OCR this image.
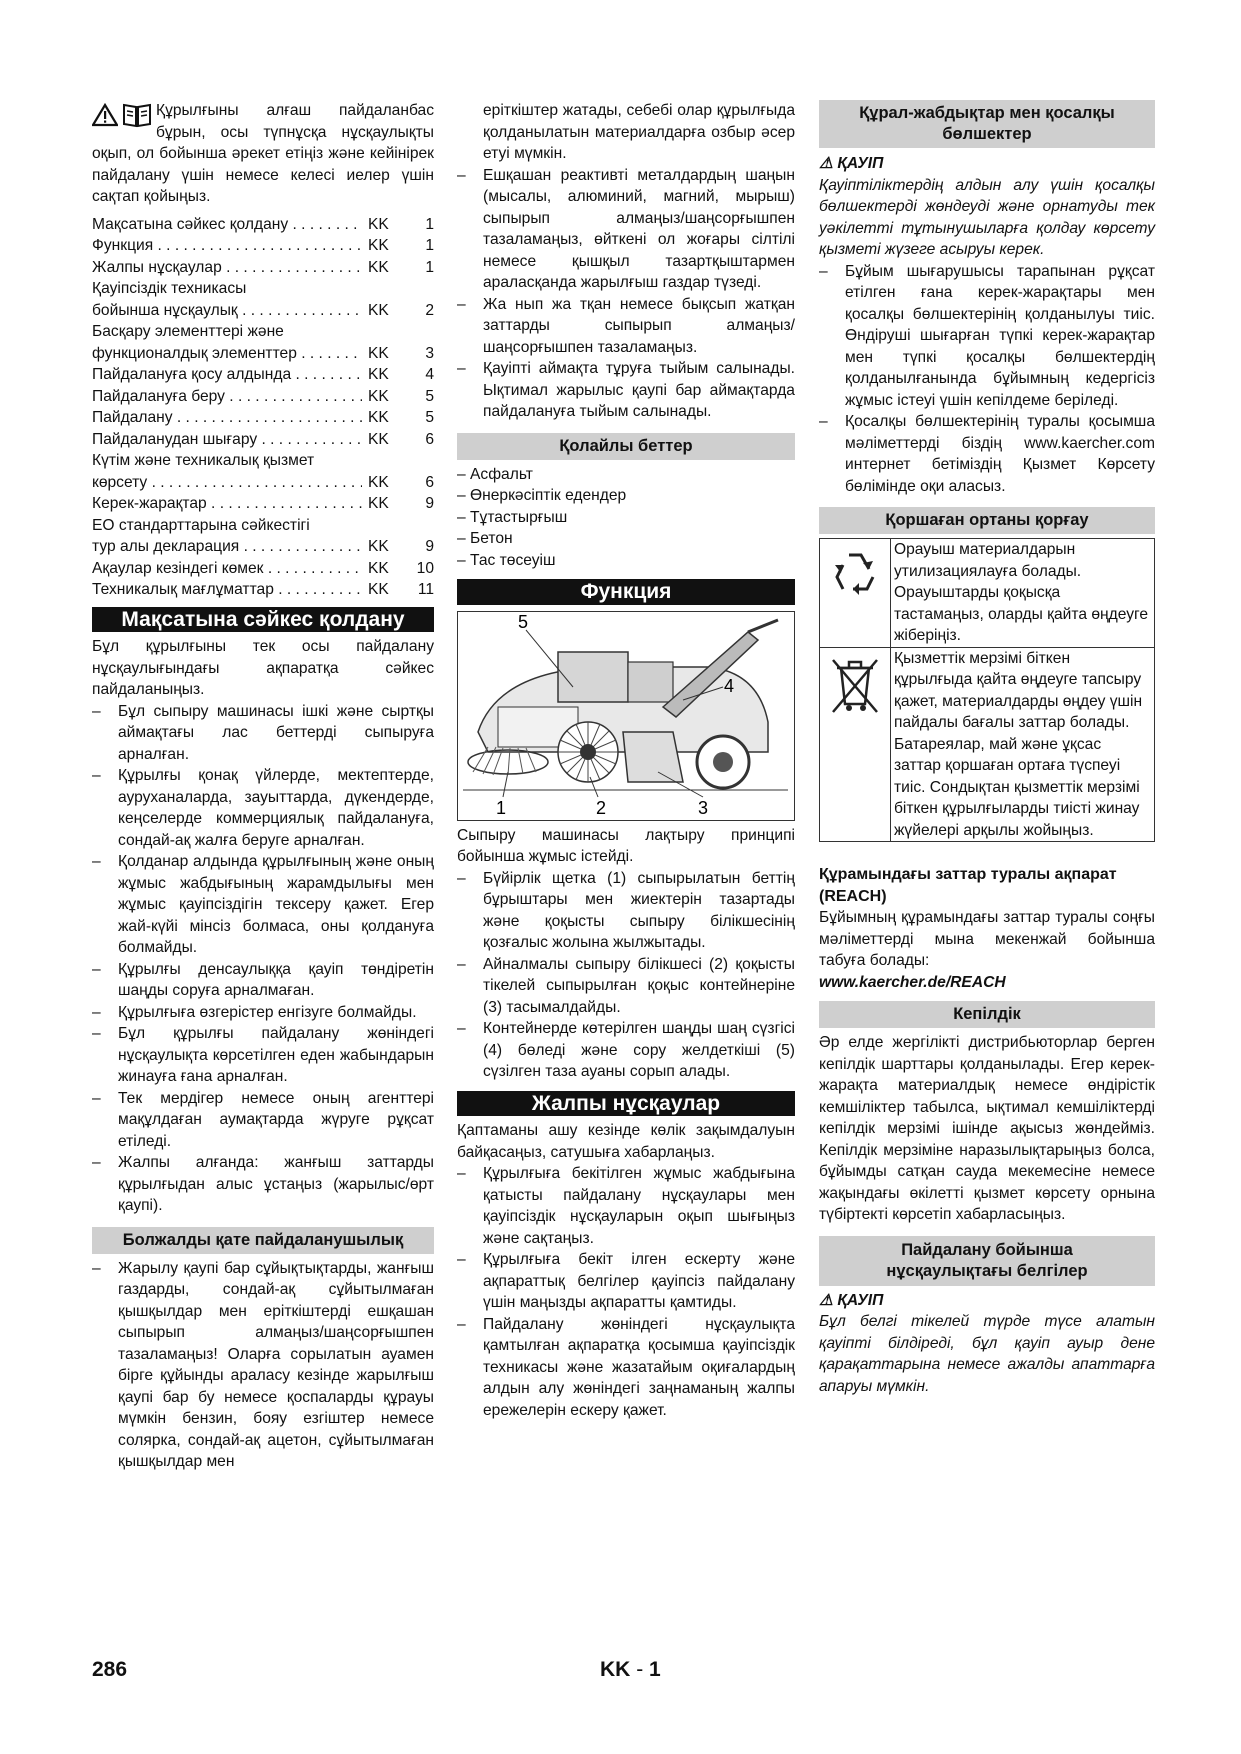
Құрылғыны алғаш пайдаланбас бұрын, осы түпнұсқа нұсқаулықты оқып, ол бойынша әрекет етіңіз және кейінірек пайдалану үшін немесе келесі иелер үшін сақтап қойыңыз.

Мақсатына сәйкес қолдану . . .	KK	1
Функция . . .	KK	1
Жалпы нұсқаулар . . .	KK	1
Қауіпсіздік техникасы
бойынша нұсқаулық . . .	KK	2
Басқару элементтері және
функционалдық элементтер . . .	KK	3
Пайдалануға қосу алдында . . .	KK	4
Пайдалануға беру . . .	KK	5
Пайдалану . . .	KK	5
Пайдаланудан шығару . . .	KK	6
Күтім және техникалық қызмет
көрсету . . .	KK	6
Керек-жарақтар . . .	KK	9
ЕО стандарттарына сәйкестігі
тур алы декларация . . .	KK	9
Ақаулар кезіндегі көмек . . .	KK	10
Техникалық мағлұматтар . . .	KK	11
Мақсатына сәйкес қолдану

Бұл құрылғыны тек осы пайдалану нұсқаулығындағы ақпаратқа сәйкес пайдаланыңыз.

–	Бұл сыпыру машинасы ішкі және сыртқы аймақтағы лас беттерді сыпыруға арналған.
–	Құрылғы қонақ үйлерде, мектептерде, ауруханаларда, зауыттарда, дүкендерде, кеңселерде коммерциялық пайдалануға, сондай-ақ жалға беруге арналған.
–	Қолданар алдында құрылғының және оның жұмыс жабдығының жарамдылығы мен жұмыс қауіпсіздігін тексеру қажет. Егер жай-күйі мінсіз болмаса, оны қолдануға болмайды.
–	Құрылғы денсаулыққа қауіп төндіретін шаңды соруға арналмаған.
–	Құрылғыға өзгерістер енгізуге болмайды.
–	Бұл құрылғы пайдалану жөніндегі нұсқаулықта көрсетілген еден жабындарын жинауға ғана арналған.
–	Тек мердігер немесе оның агенттері мақұлдаған аумақтарда жүруге рұқсат етіледі.
–	Жалпы алғанда: жанғыш заттарды құрылғыдан алыс ұстаңыз (жарылыс/өрт қаупі).
Болжалды қате пайдаланушылық
–	Жарылу қаупі бар сұйықтықтарды, жанғыш газдарды, сондай-ақ сұйытылмаған қышқылдар мен еріткіштерді ешқашан сыпырып алмаңыз/шаңсорғышпен тазаламаңыз! Оларға сорылатын ауамен бірге құйынды араласу кезінде жарылғыш қаупі бар бу немесе қоспаларды құрауы мүмкін бензин, бояу езгіштер немесе солярка, сондай-ақ ацетон, сұйытылмаған қышқылдар мен
еріткіштер жатады, себебі олар құрылғыда қолданылатын материалдарға озбыр әсер етуі мүмкін.
–	Ешқашан реактивті металдардың шаңын (мысалы, алюминий, магний, мырыш) сыпырып алмаңыз/шаңсорғышпен тазаламаңыз, өйткені ол жоғары сілтілі немесе қышқыл тазартқыштармен араласқанда жарылғыш газдар түзеді.
–	Жа нып жа тқан немесе бықсып жатқан заттарды сыпырып алмаңыз/шаңсорғышпен тазаламаңыз.
–	Қауіпті аймақта тұруға тыйым салынады. Ықтимал жарылыс қаупі бар аймақтарда пайдалануға тыйым салынады.
Қолайлы беттер
– Асфальт
– Өнеркәсіптік едендер
– Тұтастырғыш
– Бетон
– Тас төсеуіш
Функция
5
4
1	2	3

Сыпыру машинасы лақтыру принципі бойынша жұмыс істейді.

–	Бүйірлік щетка (1) сыпырылатын беттің бұрыштары мен жиектерін тазартады және қоқысты сыпыру білікшесінің қозғалыс жолына жылжытады.
–	Айналмалы сыпыру білікшесі (2) қоқысты тікелей сыпырылған қоқыс контейнеріне (3) тасымалдайды.
–	Контейнерде көтерілген шаңды шаң сүзгісі (4) бөледі және сору желдеткіші (5) сүзілген таза ауаны сорып алады.
Жалпы нұсқаулар

Қаптаманы ашу кезінде көлік зақымдалуын байқасаңыз, сатушыға хабарлаңыз.

–	Құрылғыға бекітілген жұмыс жабдығына қатысты пайдалану нұсқаулары мен қауіпсіздік нұсқауларын оқып шығыңыз және сақтаңыз.
–	Құрылғыға бекіт ілген ескерту және ақпараттық белгілер қауіпсіз пайдалану үшін маңызды ақпаратты қамтиды.
–	Пайдалану жөніндегі нұсқаулықта қамтылған ақпаратқа қосымша қауіпсіздік техникасы және жазатайым оқиғалардың алдын алу жөніндегі заңнаманың жалпы ережелерін ескеру қажет.
Құрал-жабдықтар мен қосалқы бөлшектер
⚠ ҚАУІП

Қауіптіліктердің алдын алу үшін қосалқы бөлшектерді жөндеуді және орнатуды тек уәкілетті тұтынушыларға қолдау көрсету қызметі жүзеге асыруы керек.

–	Бұйым шығарушысы тарапынан рұқсат етілген ғана керек-жарақтары мен қосалқы бөлшектерінің қолданылуы тиіс. Өндіруші шығарған түпкі керек-жарақтар мен түпкі қосалқы бөлшектердің қолданылғанында бұйымның кедергісіз жұмыс істеуі үшін кепілдеме беріледі.
–	Қосалқы бөлшектерінің туралы қосымша мәліметтерді біздің www.kaercher.com интернет бетіміздің Қызмет Көрсету бөлімінде оқи аласыз.
Қоршаған ортаны қорғау
Орауыш материалдарын утилизациялауға болады. Орауыштарды қоқысқа тастамаңыз, оларды қайта өңдеуге жіберіңіз.
Қызметтік мерзімі біткен құрылғыда қайта өңдеуге тапсыру қажет, материалдарды өңдеу үшін пайдалы бағалы заттар болады. Батареялар, май және ұқсас заттар қоршаған ортаға түспеуі тиіс. Сондықтан қызметтік мерзімі біткен құрылғыларды тиісті жинау жүйелері арқылы жойыңыз.
Құрамындағы заттар туралы ақпарат (REACH)

Бұйымның құрамындағы заттар туралы соңғы мәліметтерді мына мекенжай бойынша табуға болады:

www.kaercher.de/REACH
Кепілдік

Әр елде жергілікті дистрибьюторлар берген кепілдік шарттары қолданылады. Егер керек-жарақта материалдық немесе өндірістік кемшіліктер табылса, ықтимал кемшіліктерді кепілдік мерзімі ішінде ақысыз жөндейміз. Кепілдік мерзіміне наразылықтарыңыз болса, бұйымды сатқан сауда мекемесіне немесе жақындағы өкілетті қызмет көрсету орнына түбіртекті көрсетіп хабарласыңыз.

Пайдалану бойынша нұсқаулықтағы белгілер
⚠ ҚАУІП

Бұл белгі тікелей түрде түсе алатын қауіпті білдіреді, бұл қауіп ауыр дене қарақаттарына немесе ажалды апаттарға апаруы мүмкін.

286	KK - 1
